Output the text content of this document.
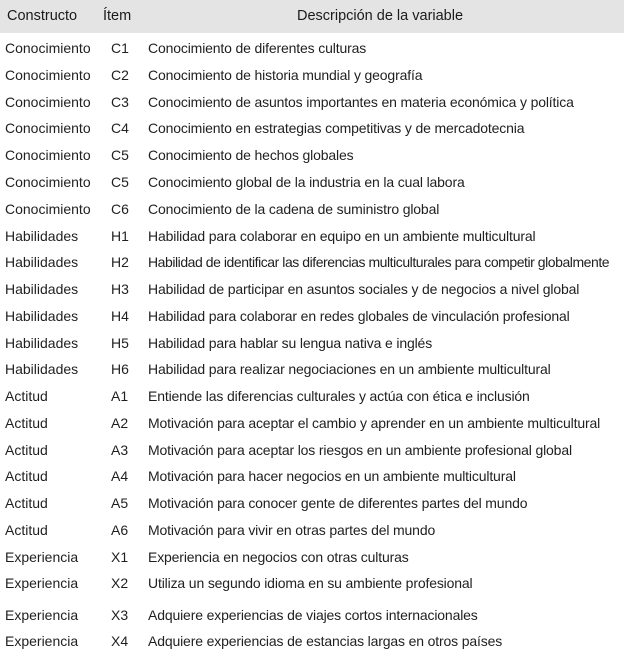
Constructo Ítem	Descripción de la variable
Conocimiento C1 Conocimiento de diferentes culturas
Conocimiento C2 Conocimiento de historia mundial y geografía
Conocimiento C3 Conocimiento de asuntos importantes en materia económica y política
Conocimiento C4 Conocimiento en estrategias competitivas y de mercadotecnia
Conocimiento C5 Conocimiento de hechos globales
Conocimiento C5 Conocimiento global de la industria en la cual labora
Conocimiento C6 Conocimiento de la cadena de suministro global
Habilidades H1 Habilidad para colaborar en equipo en un ambiente multicultural
Habilidades H2 Habilidad de identificar las diferencias multiculturales para competir globalmente
Habilidades H3 Habilidad de participar en asuntos sociales y de negocios a nivel global
Habilidades H4 Habilidad para colaborar en redes globales de vinculación profesional
Habilidades H5 Habilidad para hablar su lengua nativa e inglés
Habilidades H6 Habilidad para realizar negociaciones en un ambiente multicultural
Actitud	A1 Entiende las diferencias culturales y actúa con ética e inclusión
Actitud	A2 Motivación para aceptar el cambio y aprender en un ambiente multicultural
Actitud	A3 Motivación para aceptar los riesgos en un ambiente profesional global
Actitud	A4 Motivación para hacer negocios en un ambiente multicultural
Actitud	A5 Motivación para conocer gente de diferentes partes del mundo
Actitud	A6 Motivación para vivir en otras partes del mundo
Experiencia X1 Experiencia en negocios con otras culturas
Experiencia X2 Utiliza un segundo idioma en su ambiente profesional
Experiencia X3 Adquiere experiencias de viajes cortos internacionales
Experiencia X4 Adquiere experiencias de estancias largas en otros países
